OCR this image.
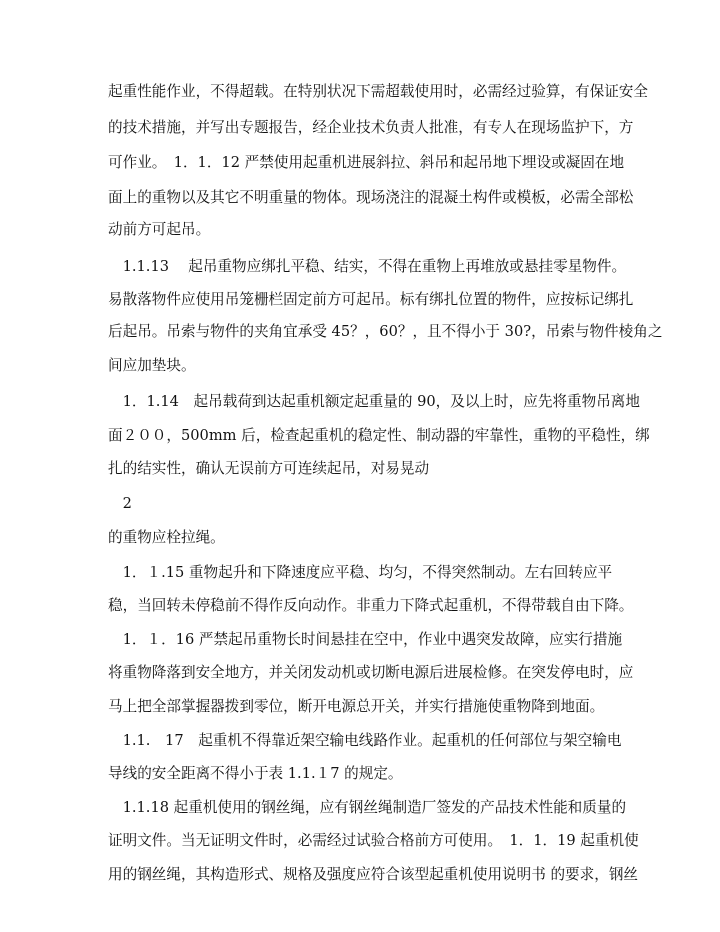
起重性能作业，不得超载。在特别状况下需超载使用时，必需经过验算，有保证安全
的技术措施，并写出专题报告，经企业技术负责人批准，有专人在现场监护下，方
可作业。　1．1．12 严禁使用起重机进展斜拉、斜吊和起吊地下埋设或凝固在地
面上的重物以及其它不明重量的物体。现场浇注的混凝土构件或模板，必需全部松
动前方可起吊。
　1.1.13　 起吊重物应绑扎平稳、结实，不得在重物上再堆放或悬挂零星物件。
易散落物件应使用吊笼栅栏固定前方可起吊。标有绑扎位置的物件，应按标记绑扎
后起吊。吊索与物件的夹角宜承受 45？，60？，且不得小于 30?，吊索与物件棱角之
间应加垫块。
　1．1.14　起吊载荷到达起重机额定起重量的 90，及以上时，应先将重物吊离地
面２００，500mm 后，检查起重机的稳定性、制动器的牢靠性，重物的平稳性，绑
扎的结实性，确认无误前方可连续起吊，对易晃动
　2
的重物应栓拉绳。
　1．１.15 重物起升和下降速度应平稳、均匀，不得突然制动。左右回转应平
稳，当回转未停稳前不得作反向动作。非重力下降式起重机，不得带载自由下降。
　1．１．16 严禁起吊重物长时间悬挂在空中，作业中遇突发故障，应实行措施
将重物降落到安全地方，并关闭发动机或切断电源后进展检修。在突发停电时，应
马上把全部掌握器拨到零位，断开电源总开关，并实行措施使重物降到地面。
　1.1.　17　起重机不得靠近架空输电线路作业。起重机的任何部位与架空输电
导线的安全距离不得小于表 1.1.１7 的规定。
　1.1.18 起重机使用的钢丝绳，应有钢丝绳制造厂签发的产品技术性能和质量的
证明文件。当无证明文件时，必需经过试验合格前方可使用。　1．1．19 起重机使
用的钢丝绳，其构造形式、规格及强度应符合该型起重机使用说明书 的要求，钢丝
